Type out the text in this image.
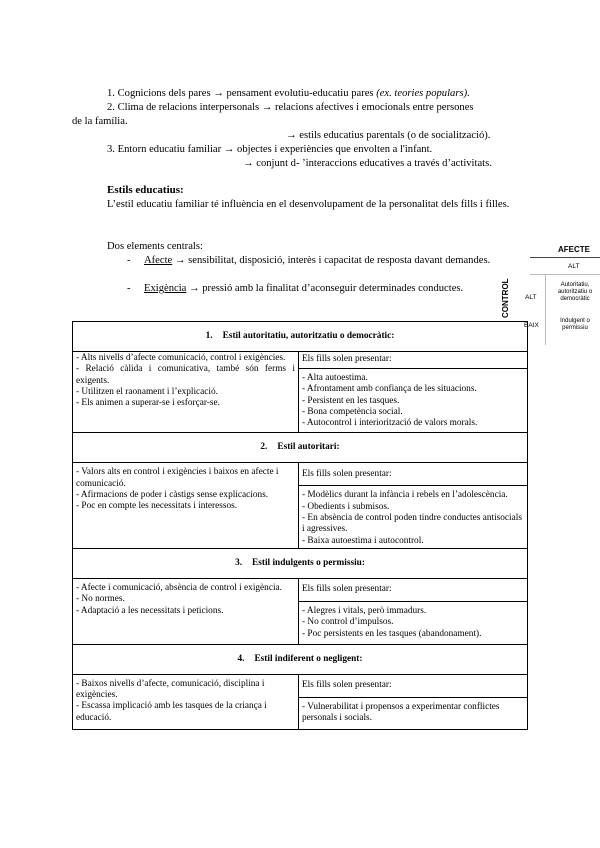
1. Cognicions dels pares → pensament evolutiu-educatiu pares (ex. teories populars).
2. Clima de relacions interpersonals → relacions afectives i emocionals entre persones
de la família.
→ estils educatius parentals (o de socialització).
3. Entorn educatiu familiar → objectes i experiències que envolten a l'infant.
→ conjunt d- ’interaccions educatives a través d’activitats.
Estils educatius:
L’estil educatiu familiar té influència en el desenvolupament de la personalitat dels fills i filles.
Dos elements centrals:
- Afecte → sensibilitat, disposició, interès i capacitat de resposta davant demandes.
- Exigència → pressió amb la finalitat d’aconseguir determinades conductes.
AFECTE
ALT
CONTROL ALT
BAIX
Autoritatiu, autoritzatiu o democràtic
Indulgent o permissiu
1. Estil autoritatiu, autoritzatiu o democràtic:	

- Alts nivells d’afecte comunicació, control i exigències.
- Relació càlida i comunicativa, també són ferms i exigents.
- Utilitzen el raonament i l’explicació.
- Els animen a superar-se i esforçar-se.	Els fills solen presentar:

	- Alta autoestima.
- Afrontament amb confiança de les situacions.
- Persistent en les tasques.
- Bona competència social.
- Autocontrol i interiorització de valors morals.

2. Estil autoritari:	

- Valors alts en control i exigències i baixos en afecte i comunicació.
- Afirmacions de poder i càstigs sense explicacions.
- Poc en compte les necessitats i interessos.	Els fills solen presentar:

	- Modèlics durant la infància i rebels en l’adolescència.
- Obedients i submisos.
- En absència de control poden tindre conductes antisocials i agressives.
- Baixa autoestima i autocontrol.

3. Estil indulgents o permissiu:	

- Afecte i comunicació, absència de control i exigència.
- No normes.
- Adaptació a les necessitats i peticions.	Els fills solen presentar:

	- Alegres i vitals, però immadurs.
- No control d’impulsos.
- Poc persistents en les tasques (abandonament).

4. Estil indiferent o negligent:	

- Baixos nivells d’afecte, comunicació, disciplina i exigències.
- Escassa implicació amb les tasques de la criança i educació.	Els fills solen presentar:

	- Vulnerabilitat i propensos a experimentar conflictes personals i socials.
